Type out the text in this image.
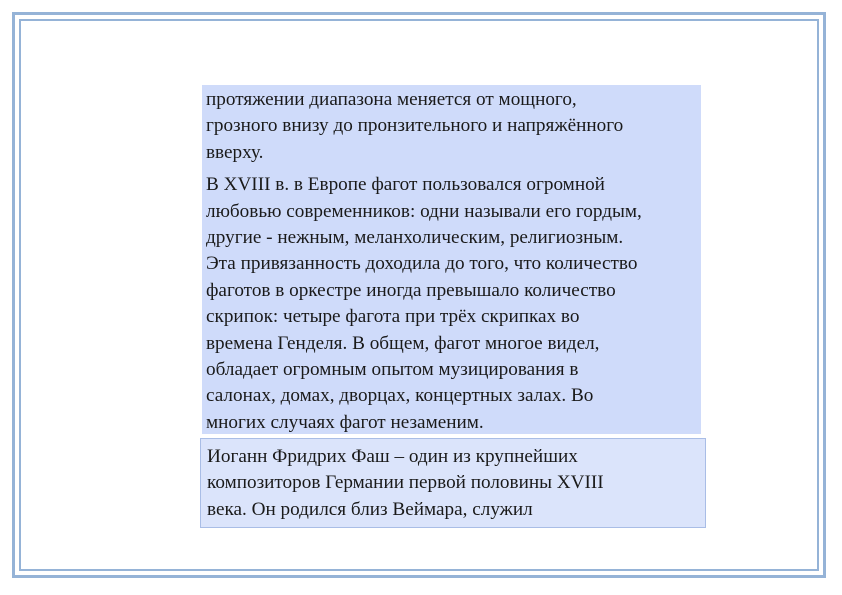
протяжении диапазона меняется от мощного,
грозного внизу до пронзительного и напряжённого
вверху.

В XVIII в. в Европе фагот пользовался огромной
любовью современников: одни называли его гордым,
другие - нежным, меланхолическим, религиозным.
Эта привязанность доходила до того, что количество
фаготов в оркестре иногда превышало количество
скрипок: четыре фагота при трёх скрипках во
времена Генделя. В общем, фагот многое видел,
обладает огромным опытом музицирования в
салонах, домах, дворцах, концертных залах. Во
многих случаях фагот незаменим.

Иоганн Фридрих Фаш – один из крупнейших
композиторов Германии первой половины XVIII
века. Он родился близ Веймара, служил
